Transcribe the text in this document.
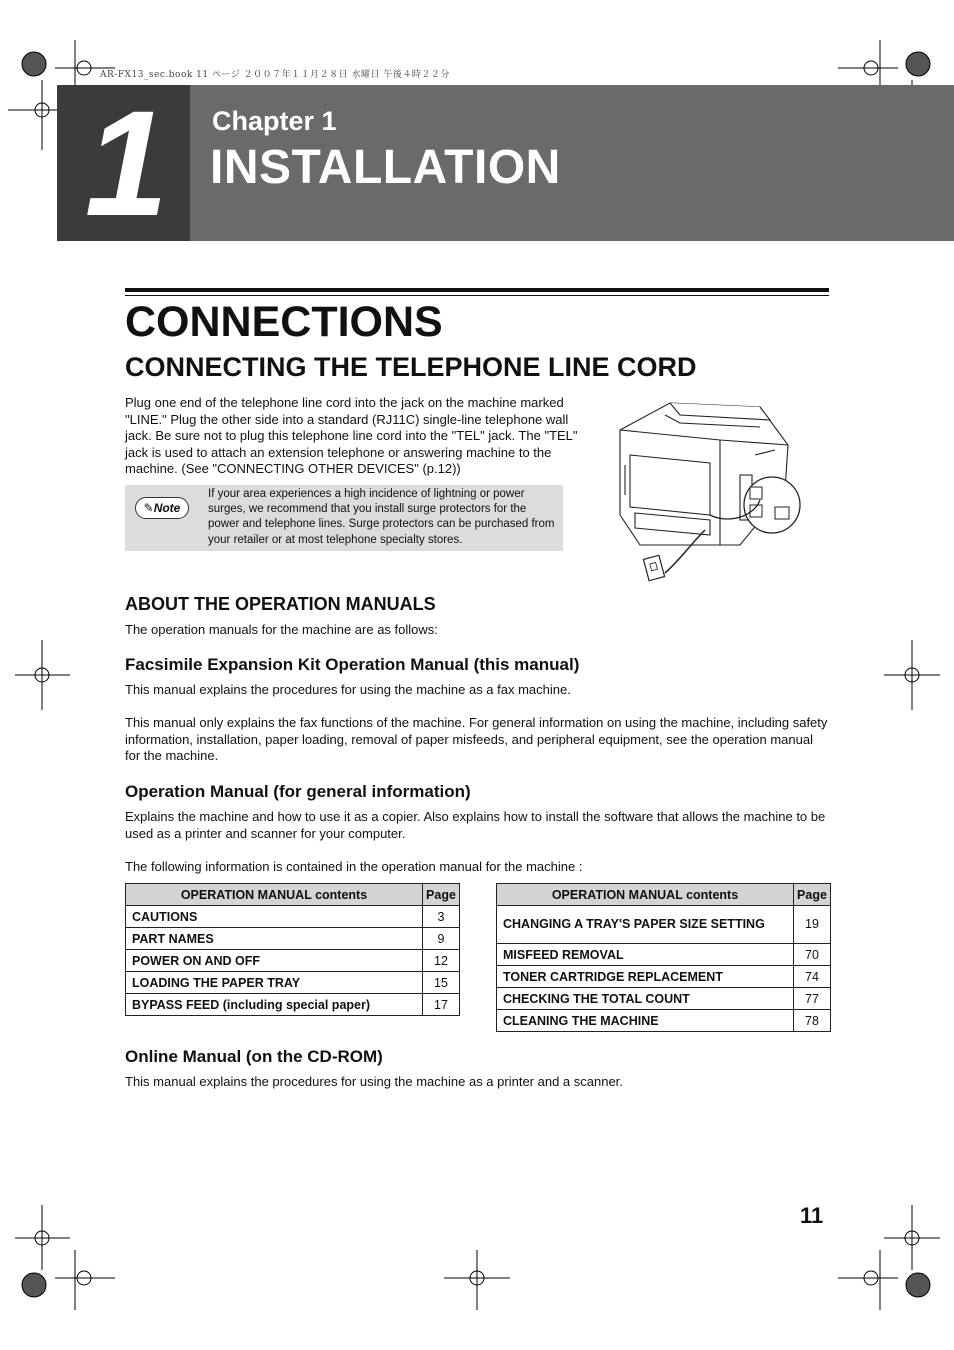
AR-FX13_sec.book 11 ページ ２００７年１１月２８日 水曜日 午後４時２２分
1	Chapter 1
INSTALLATION
CONNECTIONS
CONNECTING THE TELEPHONE LINE CORD
Plug one end of the telephone line cord into the jack on the machine marked "LINE." Plug the other side into a standard (RJ11C) single-line telephone wall jack. Be sure not to plug this telephone line cord into the "TEL" jack. The "TEL" jack is used to attach an extension telephone or answering machine to the machine. (See "CONNECTING OTHER DEVICES" (p.12))
✎ Note
If your area experiences a high incidence of lightning or power surges, we recommend that you install surge protectors for the power and telephone lines. Surge protectors can be purchased from your retailer or at most telephone specialty stores.
ABOUT THE OPERATION MANUALS
The operation manuals for the machine are as follows:
Facsimile Expansion Kit Operation Manual (this manual)
This manual explains the procedures for using the machine as a fax machine.
This manual only explains the fax functions of the machine. For general information on using the machine, including safety information, installation, paper loading, removal of paper misfeeds, and peripheral equipment, see the operation manual for the machine.
Operation Manual (for general information)
Explains the machine and how to use it as a copier. Also explains how to install the software that allows the machine to be used as a printer and scanner for your computer.
The following information is contained in the operation manual for the machine :
OPERATION MANUAL contents	Page
CAUTIONS	3
PART NAMES	9
POWER ON AND OFF	12
LOADING THE PAPER TRAY	15
BYPASS FEED (including special paper)	17
OPERATION MANUAL contents	Page
CHANGING A TRAY'S PAPER SIZE SETTING	19
MISFEED REMOVAL	70
TONER CARTRIDGE REPLACEMENT	74
CHECKING THE TOTAL COUNT	77
CLEANING THE MACHINE	78
Online Manual (on the CD-ROM)
This manual explains the procedures for using the machine as a printer and a scanner.
11
